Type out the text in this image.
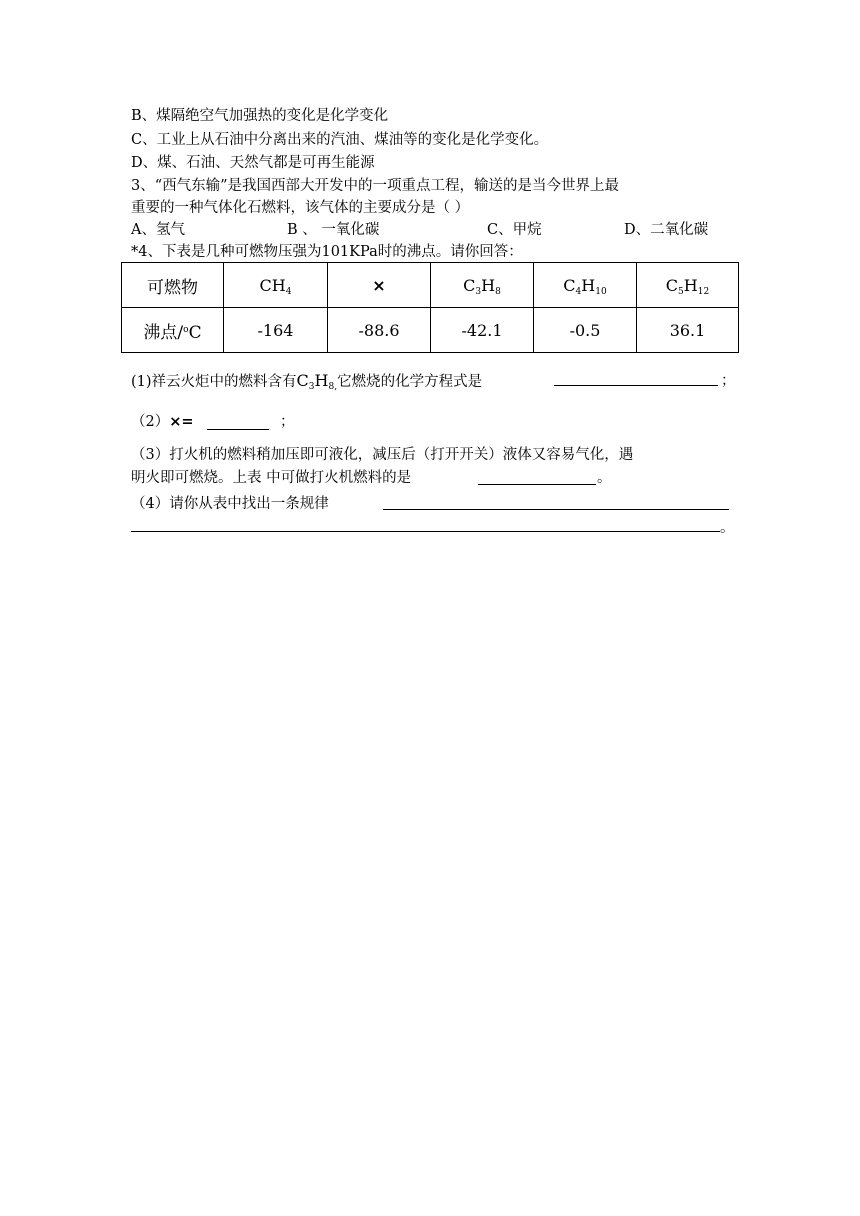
B、煤隔绝空气加强热的变化是化学变化
C、工业上从石油中分离出来的汽油、煤油等的变化是化学变化。
D、煤、石油、天然气都是可再生能源
3、“西气东输”是我国西部大开发中的一项重点工程，输送的是当今世界上最
重要的一种气体化石燃料，该气体的主要成分是（ ）
A、氢气	B 、 一氧化碳	C、甲烷	D、二氧化碳
*4、下表是几种可燃物压强为101KPa时的沸点。请你回答：
可燃物	$CH_4$	×	$C_3H_8$	$C_4H_{10}$	$C_5H_{12}$
沸点/$^o$C	-164	-88.6	-42.1	-0.5	36.1
(1)祥云火炬中的燃料含有$C_3H_{8,}$它燃烧的化学方程式是	；
（2）×=	；
（3）打火机的燃料稍加压即可液化，减压后（打开开关）液体又容易气化，遇
明火即可燃烧。上表 中可做打火机燃料的是	。
（4）请你从表中找出一条规律
。
